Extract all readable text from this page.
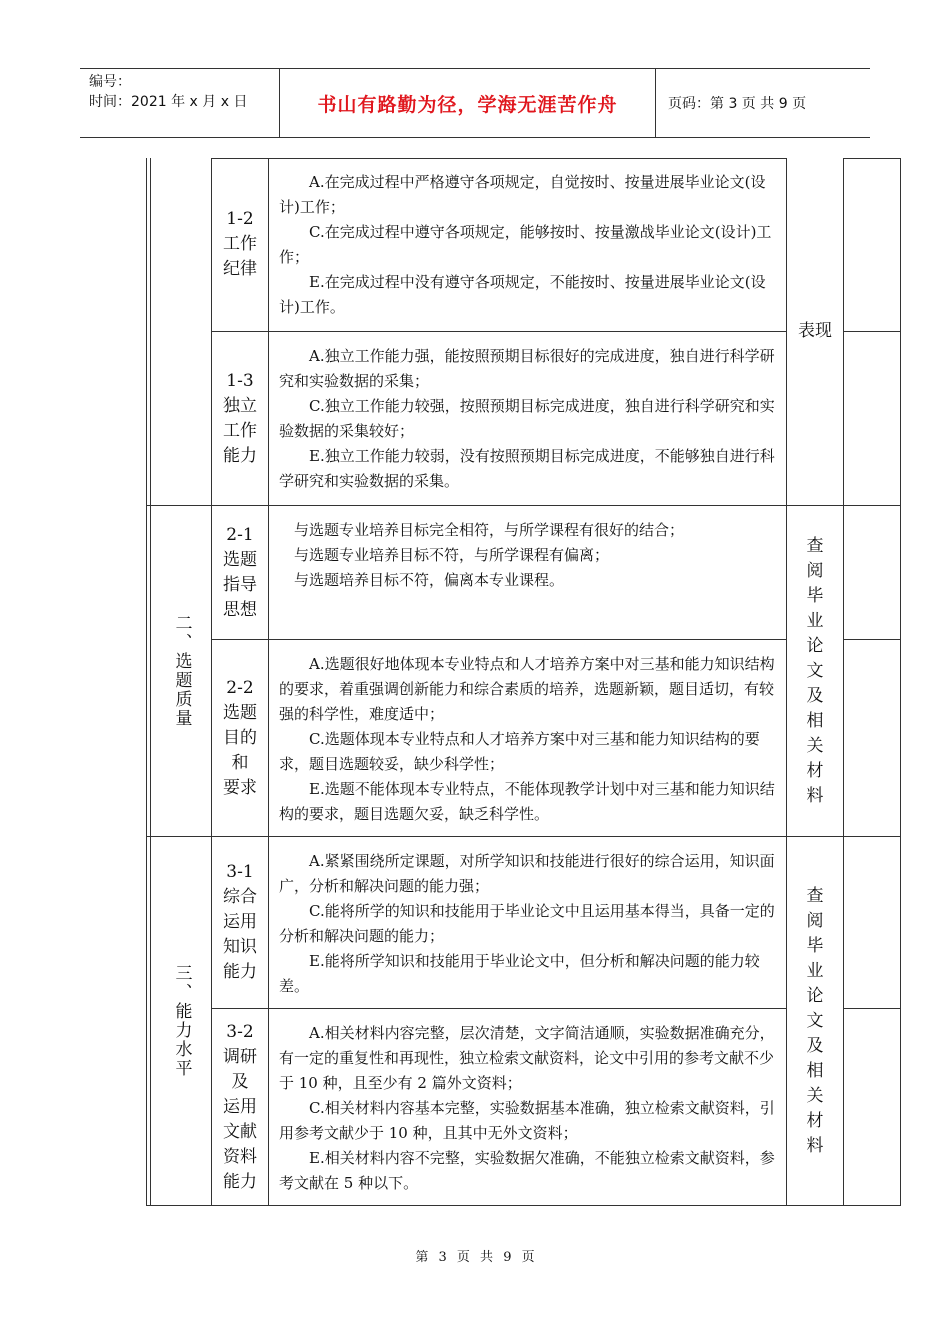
编号：
时间：2021 年 x 月 x 日	书山有路勤为径，学海无涯苦作舟	页码：第 3 页 共 9 页
二、选题质量
三、能力水平
1-2
工作
纪律

A.在完成过程中严格遵守各项规定，自觉按时、按量进展毕业论文(设计)工作；

C.在完成过程中遵守各项规定，能够按时、按量激战毕业论文(设计)工作；

E.在完成过程中没有遵守各项规定，不能按时、按量进展毕业论文(设计)工作。

1-3
独立
工作
能力

A.独立工作能力强，能按照预期目标很好的完成进度，独自进行科学研究和实验数据的采集；

C.独立工作能力较强，按照预期目标完成进度，独自进行科学研究和实验数据的采集较好；

E.独立工作能力较弱，没有按照预期目标完成进度，不能够独自进行科学研究和实验数据的采集。

表现
2-1
选题
指导
思想

与选题专业培养目标完全相符，与所学课程有很好的结合；

与选题专业培养目标不符，与所学课程有偏离；

与选题培养目标不符，偏离本专业课程。

2-2
选题
目的
和
要求

A.选题很好地体现本专业特点和人才培养方案中对三基和能力知识结构的要求，着重强调创新能力和综合素质的培养，选题新颖，题目适切，有较强的科学性，难度适中；

C.选题体现本专业特点和人才培养方案中对三基和能力知识结构的要求，题目选题较妥，缺少科学性；

E.选题不能体现本专业特点，不能体现教学计划中对三基和能力知识结构的要求，题目选题欠妥，缺乏科学性。

查阅毕业论文及相关材料
3-1
综合
运用
知识
能力

A.紧紧围绕所定课题，对所学知识和技能进行很好的综合运用，知识面广，分析和解决问题的能力强；

C.能将所学的知识和技能用于毕业论文中且运用基本得当，具备一定的分析和解决问题的能力；

E.能将所学知识和技能用于毕业论文中，但分析和解决问题的能力较差。

3-2
调研
及
运用
文献
资料
能力

A.相关材料内容完整，层次清楚，文字简洁通顺，实验数据准确充分，有一定的重复性和再现性，独立检索文献资料，论文中引用的参考文献不少于 10 种，且至少有 2 篇外文资料；

C.相关材料内容基本完整，实验数据基本准确，独立检索文献资料，引用参考文献少于 10 种，且其中无外文资料；

E.相关材料内容不完整，实验数据欠准确，不能独立检索文献资料，参考文献在 5 种以下。

查阅毕业论文及相关材料
第 3 页 共 9 页
